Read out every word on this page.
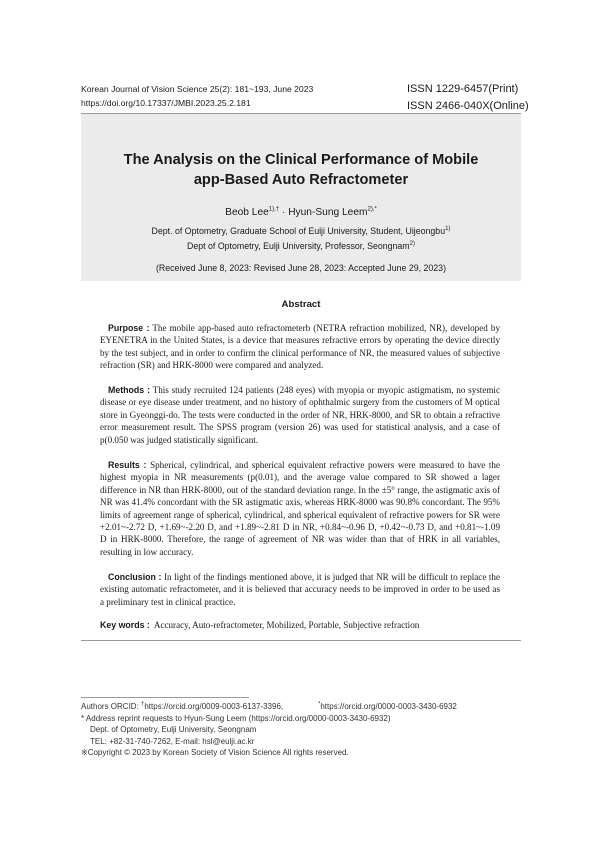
Korean Journal of Vision Science 25(2): 181~193, June 2023
https://doi.org/10.17337/JMBI.2023.25.2.181
ISSN 1229-6457(Print)
ISSN 2466-040X(Online)
The Analysis on the Clinical Performance of Mobile
app-Based Auto Refractometer
Beob Lee$^{1),\dagger}$ · Hyun-Sung Leem$^{2),*}$
Dept. of Optometry, Graduate School of Eulji University, Student, Uijeongbu$^{1)}$
Dept of Optometry, Eulji University, Professor, Seongnam$^{2)}$
(Received June 8, 2023: Revised June 28, 2023: Accepted June 29, 2023)
Abstract
Purpose : The mobile app-based auto refractometerb (NETRA refraction mobilized, NR), developed by EYENETRA in the United States, is a device that measures refractive errors by operating the device directly by the test subject, and in order to confirm the clinical performance of NR, the measured values of subjective refraction (SR) and HRK-8000 were compared and analyzed.
Methods : This study recruited 124 patients (248 eyes) with myopia or myopic astigmatism, no systemic disease or eye disease under treatment, and no history of ophthalmic surgery from the customers of M optical store in Gyeonggi-do. The tests were conducted in the order of NR, HRK-8000, and SR to obtain a refractive error measurement result. The SPSS program (version 26) was used for statistical analysis, and a case of p(0.050 was judged statistically significant.
Results : Spherical, cylindrical, and spherical equivalent refractive powers were measured to have the highest myopia in NR measurements (p(0.01), and the average value compared to SR showed a lager difference in NR than HRK-8000, out of the standard deviation range. In the ±5° range, the astigmatic axis of NR was 41.4% concordant with the SR astigmatic axis, whereas HRK-8000 was 90.8% concordant. The 95% limits of agreement range of spherical, cylindrical, and spherical equivalent of refractive powers for SR were +2.01~-2.72 D, +1.69~-2.20 D, and +1.89~-2.81 D in NR, +0.84~-0.96 D, +0.42~-0.73 D, and +0.81~-1.09 D in HRK-8000. Therefore, the range of agreement of NR was wider than that of HRK in all variables, resulting in low accuracy.
Conclusion : In light of the findings mentioned above, it is judged that NR will be difficult to replace the existing automatic refractometer, and it is believed that accuracy needs to be improved in order to be used as a preliminary test in clinical practice.
Key words : Accuracy, Auto-refractometer, Mobilized, Portable, Subjective refraction
Authors ORCID: †https://orcid.org/0009-0003-6137-3396,	*https://orcid.org/0000-0003-3430-6932
* Address reprint requests to Hyun-Sung Leem (https://orcid.org/0000-0003-3430-6932)
Dept. of Optometry, Eulji University, Seongnam
TEL: +82-31-740-7262, E-mail: hsl@eulji.ac.kr
※Copyright © 2023 by Korean Society of Vision Science All rights reserved.
